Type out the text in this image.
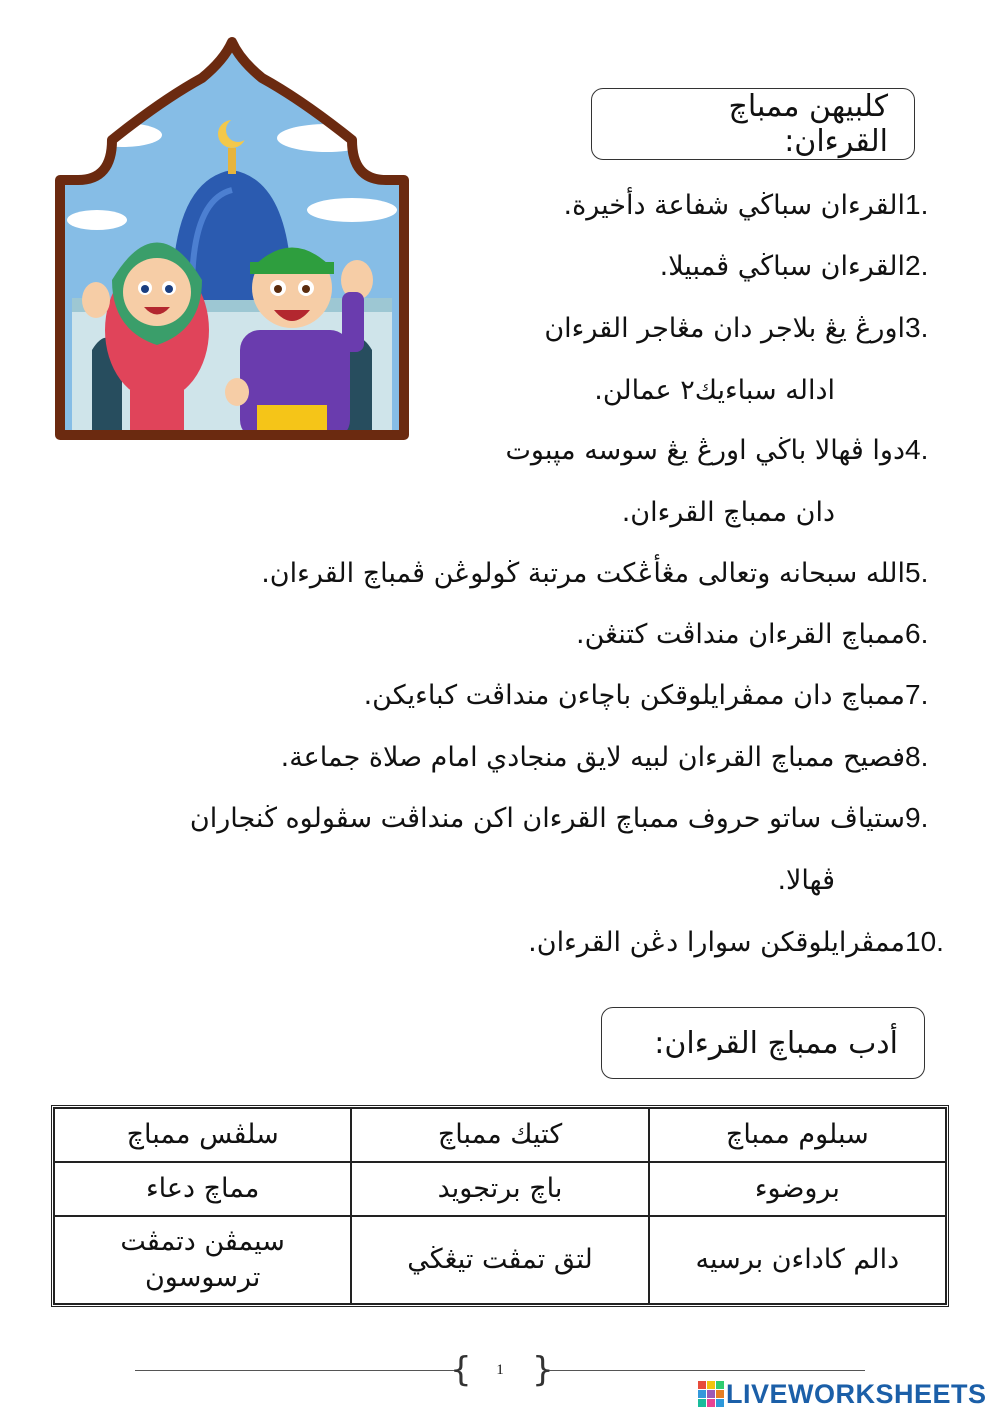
كلبيهن ممباچ القرءان:
1.
القرءان سباڬي شفاعة دأخيرة.
2.
القرءان سباڬي ڤمبيلا.
3.
اورڠ يڠ بلاجر دان مڠاجر القرءان
اداله سباءيك٢ عمالن.
4.
دوا ڤهالا باڬي اورڠ يڠ سوسه مپبوت
دان ممباچ القرءان.
5.
الله سبحانه وتعالى مڠأڠكت مرتبة ڬولوڠن ڤمباچ القرءان.
6.
ممباچ القرءان منداڤت كتنڠن.
7.
ممباچ دان ممڤرايلوقكن باچاءن منداڤت كباءيكن.
8.
فصيح ممباچ القرءان لبيه لايق منجادي امام صلاة جماعة.
9.
ستياڤ ساتو حروف ممباچ القرءان اكن منداڤت سڤولوه ڬنجاران
ڤهالا.
10.
ممڤرايلوقكن سوارا دڠن القرءان.
أدب ممباچ القرءان:
سبلوم ممباچ	كتيك ممباچ	سلڤس ممباچ
بروضوء	باچ برتجويد	مماچ دعاء
دالم كاداءن برسيه	لتق تمڤت تيڠڬي	سيمڤن دتمڤت ترسوسون
{ }
1
LIVEWORKSHEETS
